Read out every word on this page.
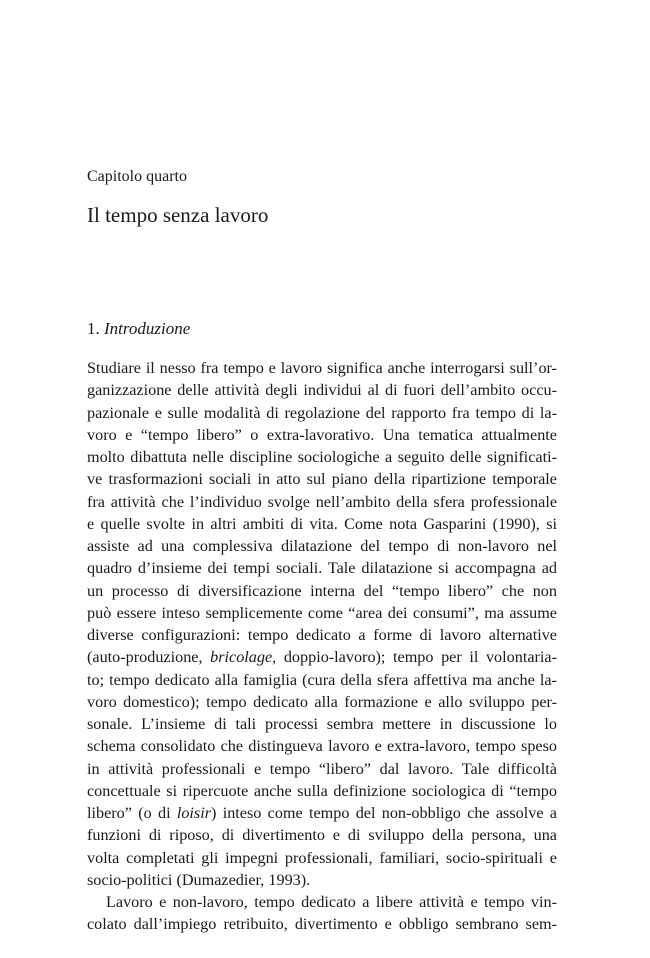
Capitolo quarto
Il tempo senza lavoro
1. Introduzione
Studiare il nesso fra tempo e lavoro significa anche interrogarsi sull’or-
ganizzazione delle attività degli individui al di fuori dell’ambito occu-
pazionale e sulle modalità di regolazione del rapporto fra tempo di la-
voro e “tempo libero” o extra-lavorativo. Una tematica attualmente
molto dibattuta nelle discipline sociologiche a seguito delle significati-
ve trasformazioni sociali in atto sul piano della ripartizione temporale
fra attività che l’individuo svolge nell’ambito della sfera professionale
e quelle svolte in altri ambiti di vita. Come nota Gasparini (1990), si
assiste ad una complessiva dilatazione del tempo di non-lavoro nel
quadro d’insieme dei tempi sociali. Tale dilatazione si accompagna ad
un processo di diversificazione interna del “tempo libero” che non
può essere inteso semplicemente come “area dei consumi”, ma assume
diverse configurazioni: tempo dedicato a forme di lavoro alternative
(auto-produzione, bricolage, doppio-lavoro); tempo per il volontaria-
to; tempo dedicato alla famiglia (cura della sfera affettiva ma anche la-
voro domestico); tempo dedicato alla formazione e allo sviluppo per-
sonale. L’insieme di tali processi sembra mettere in discussione lo
schema consolidato che distingueva lavoro e extra-lavoro, tempo speso
in attività professionali e tempo “libero” dal lavoro. Tale difficoltà
concettuale si ripercuote anche sulla definizione sociologica di “tempo
libero” (o di loisir) inteso come tempo del non-obbligo che assolve a
funzioni di riposo, di divertimento e di sviluppo della persona, una
volta completati gli impegni professionali, familiari, socio-spirituali e
socio-politici (Dumazedier, 1993).
Lavoro e non-lavoro, tempo dedicato a libere attività e tempo vin-
colato dall’impiego retribuito, divertimento e obbligo sembrano sem-
